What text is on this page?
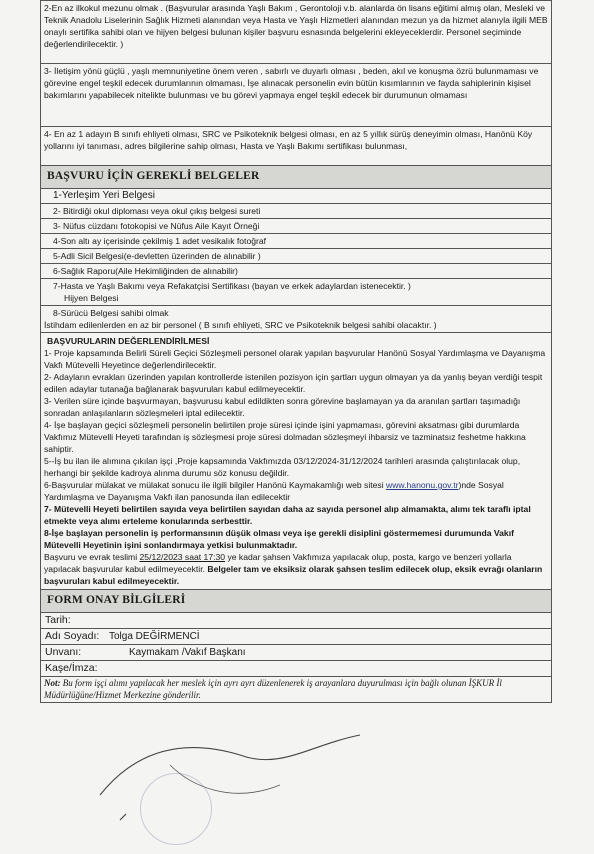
2-En az ilkokul mezunu olmak . (Başvurular arasında Yaşlı Bakım , Gerontoloji v.b. alanlarda ön lisans eğitimi almış olan, Mesleki ve Teknik Anadolu Liselerinin Sağlık Hizmeti alanından veya Hasta ve Yaşlı Hizmetleri alanından mezun ya da hizmet alanıyla ilgili MEB onaylı sertifika sahibi olan ve hijyen belgesi bulunan kişiler başvuru esnasında belgelerini ekleyeceklerdir. Personel seçiminde değerlendirilecektir. )
3- İletişim yönü güçlü , yaşlı memnuniyetine önem veren , sabırlı ve duyarlı olması , beden, akıl ve konuşma özrü bulunmaması ve görevine engel teşkil edecek durumlarının olmaması, İşe alınacak personelin evin bütün kısımlarının ve fayda sahiplerinin kişisel bakımlarını yapabilecek nitelikte bulunması ve bu görevi yapmaya engel teşkil edecek bir durumunun olmaması
4- En az 1 adayın B sınıfı ehliyeti olması, SRC ve Psikoteknik belgesi olması, en az 5 yıllık sürüş deneyimin olması, Hanönü Köy yollarını iyi tanıması, adres bilgilerine sahip olması, Hasta ve Yaşlı Bakımı sertifikası bulunması,
BAŞVURU İÇİN GEREKLİ BELGELER

1-Yerleşim Yeri Belgesi

2- Bitirdiği okul diploması veya okul çıkış belgesi sureti

3- Nüfus cüzdanı fotokopisi ve Nüfus Aile Kayıt Örneği

4-Son altı ay içerisinde çekilmiş 1 adet vesikalık fotoğraf

5-Adli Sicil Belgesi(e-devletten üzerinden de alınabilir )

6-Sağlık Raporu(Aile Hekimliğinden de alınabilir)

7-Hasta ve Yaşlı Bakımı veya Refakatçisi Sertifikası (bayan ve erkek adaylardan istenecektir. )
Hijyen Belgesi

8-Sürücü Belgesi sahibi olmak
İstihdam edilenlerden en az bir personel ( B sınıfı ehliyeti, SRC ve Psikoteknik belgesi sahibi olacaktır. )

BAŞVURULARIN DEĞERLENDİRİLMESİ
1- Proje kapsamında Belirli Süreli Geçici Sözleşmeli personel olarak yapılan başvurular Hanönü Sosyal Yardımlaşma ve Dayanışma Vakfı Mütevelli Heyetince değerlendirilecektir.
2- Adayların evrakları üzerinden yapılan kontrollerde istenilen pozisyon için şartları uygun olmayan ya da yanlış beyan verdiği tespit edilen adaylar tutanağa bağlanarak başvuruları kabul edilmeyecektir.
3- Verilen süre içinde başvurmayan, başvurusu kabul edildikten sonra görevine başlamayan ya da aranılan şartları taşımadığı sonradan anlaşılanların sözleşmeleri iptal edilecektir.
4- İşe başlayan geçici sözleşmeli personelin belirtilen proje süresi içinde işini yapmaması, görevini aksatması gibi durumlarda Vakfımız Mütevelli Heyeti tarafından iş sözleşmesi proje süresi dolmadan sözleşmeyi ihbarsiz ve tazminatsız feshetme hakkına sahiptir.
5--İş bu ilan ile alımına çıkılan işçi ,Proje kapsamında Vakfımızda 03/12/2024-31/12/2024 tarihleri arasında çalıştırılacak olup, herhangi bir şekilde kadroya alınma durumu söz konusu değildir.
6-Başvurular mülakat ve mülakat sonucu ile ilgili bilgiler Hanönü Kaymakamlığı web sitesi www.hanonu.gov.tr)nde Sosyal Yardımlaşma ve Dayanışma Vakfı ilan panosunda ilan edilecektir
7- Mütevelli Heyeti belirtilen sayıda veya belirtilen sayıdan daha az sayıda personel alıp almamakta, alımı tek taraflı iptal etmekte veya alımı erteleme konularında serbesttir.
8-İşe başlayan personelin iş performansının düşük olması veya işe gerekli disiplini göstermemesi durumunda Vakıf Mütevelli Heyetinin işini sonlandırmaya yetkisi bulunmaktadır.
Başvuru ve evrak teslimi 25/12/2023 saat 17:30 ye kadar şahsen Vakfımıza yapılacak olup, posta, kargo ve benzeri yollarla yapılacak başvurular kabul edilmeyecektir. Belgeler tam ve eksiksiz olarak şahsen teslim edilecek olup, eksik evrağı olanların başvuruları kabul edilmeyecektir.

FORM ONAY BİLGİLERİ
Tarih:
Adı Soyadı: Tolga DEĞİRMENCİ
Unvanı:	Kaymakam /Vakıf Başkanı
Kaşe/İmza:
Not: Bu form işçi alımı yapılacak her meslek için ayrı ayrı düzenlenerek iş arayanlara duyurulması için bağlı olunan İŞKUR İl Müdürlüğüne/Hizmet Merkezine gönderilir.
